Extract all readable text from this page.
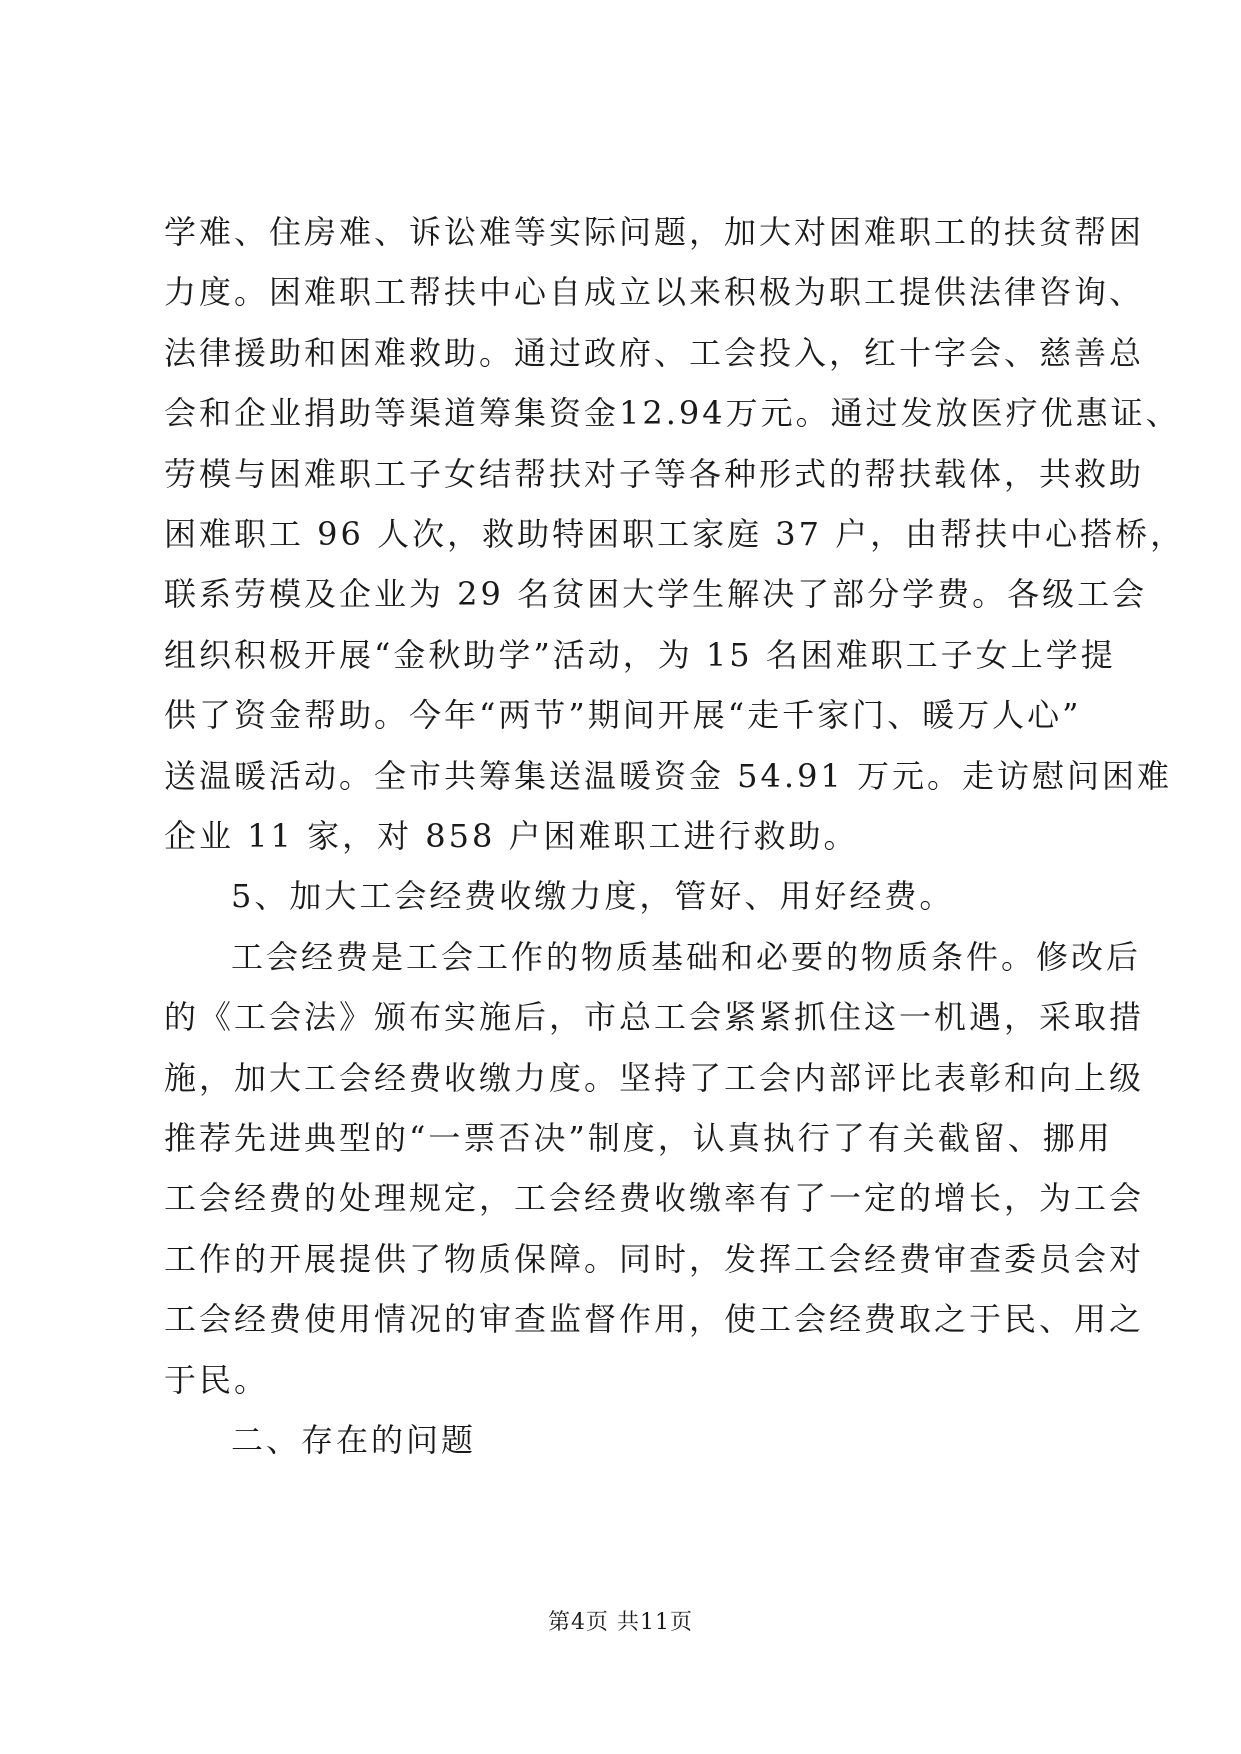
学难、住房难、诉讼难等实际问题，加大对困难职工的扶贫帮困
力度。困难职工帮扶中心自成立以来积极为职工提供法律咨询、
法律援助和困难救助。通过政府、工会投入，红十字会、慈善总
会和企业捐助等渠道筹集资金12.94万元。通过发放医疗优惠证、
劳模与困难职工子女结帮扶对子等各种形式的帮扶载体，共救助
困难职工 96 人次，救助特困职工家庭 37 户，由帮扶中心搭桥，
联系劳模及企业为 29 名贫困大学生解决了部分学费。各级工会
组织积极开展“金秋助学”活动，为 15 名困难职工子女上学提
供了资金帮助。今年“两节”期间开展“走千家门、暖万人心”
送温暖活动。全市共筹集送温暖资金 54.91 万元。走访慰问困难
企业 11 家，对 858 户困难职工进行救助。
5、加大工会经费收缴力度，管好、用好经费。
工会经费是工会工作的物质基础和必要的物质条件。修改后
的《工会法》颁布实施后，市总工会紧紧抓住这一机遇，采取措
施，加大工会经费收缴力度。坚持了工会内部评比表彰和向上级
推荐先进典型的“一票否决”制度，认真执行了有关截留、挪用
工会经费的处理规定，工会经费收缴率有了一定的增长，为工会
工作的开展提供了物质保障。同时，发挥工会经费审查委员会对
工会经费使用情况的审查监督作用，使工会经费取之于民、用之
于民。
二、存在的问题
第4页 共11页
